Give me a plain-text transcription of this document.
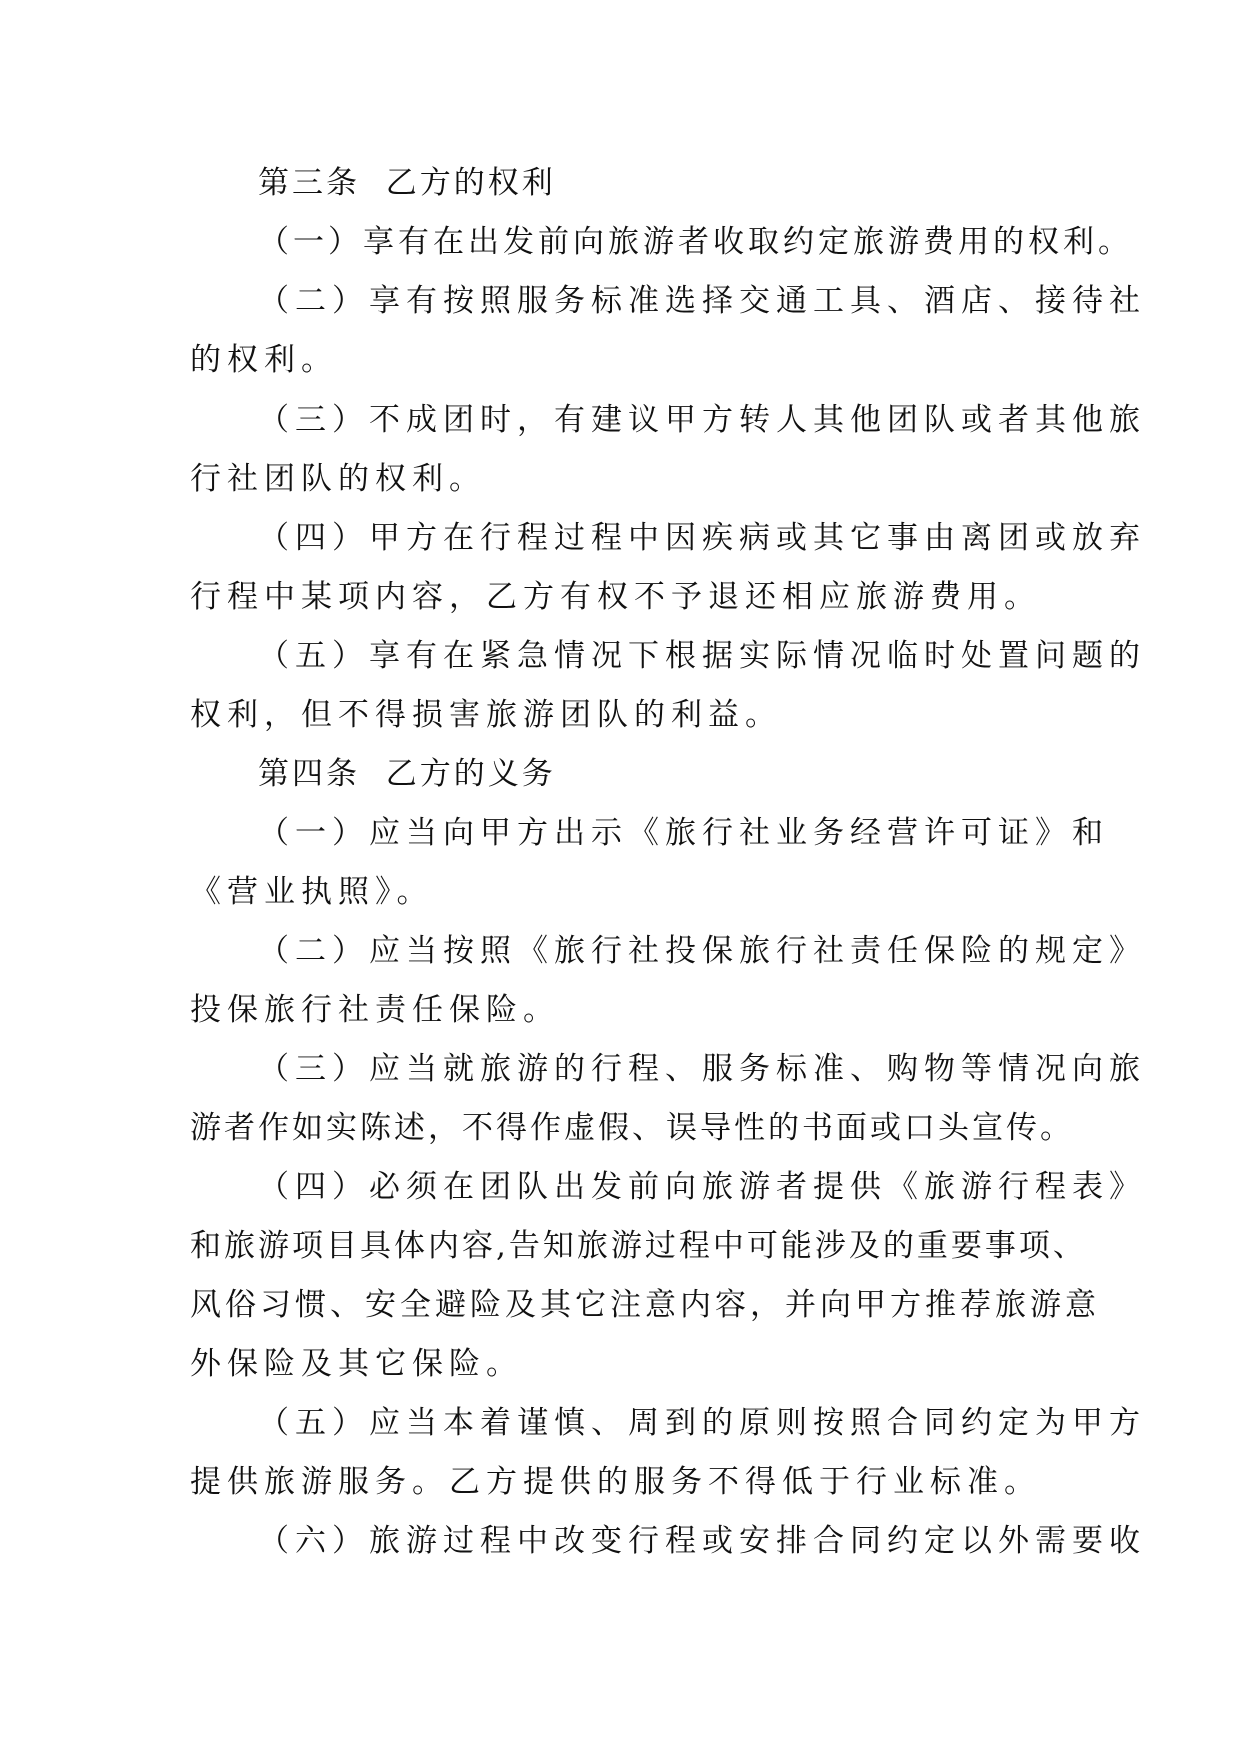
第三条  乙方的权利
（一）享有在出发前向旅游者收取约定旅游费用的权利。
（二）享有按照服务标准选择交通工具、酒店、接待社
的权利。
（三）不成团时，有建议甲方转人其他团队或者其他旅
行社团队的权利。
（四）甲方在行程过程中因疾病或其它事由离团或放弃
行程中某项内容，乙方有权不予退还相应旅游费用。
（五）享有在紧急情况下根据实际情况临时处置问题的
权利，但不得损害旅游团队的利益。
第四条  乙方的义务
（一）应当向甲方出示《旅行社业务经营许可证》和
《营业执照》。
（二）应当按照《旅行社投保旅行社责任保险的规定》
投保旅行社责任保险。
（三）应当就旅游的行程、服务标准、购物等情况向旅
游者作如实陈述，不得作虚假、误导性的书面或口头宣传。
（四）必须在团队出发前向旅游者提供《旅游行程表》
和旅游项目具体内容,告知旅游过程中可能涉及的重要事项、
风俗习惯、安全避险及其它注意内容，并向甲方推荐旅游意
外保险及其它保险。
（五）应当本着谨慎、周到的原则按照合同约定为甲方
提供旅游服务。乙方提供的服务不得低于行业标准。
（六）旅游过程中改变行程或安排合同约定以外需要收
